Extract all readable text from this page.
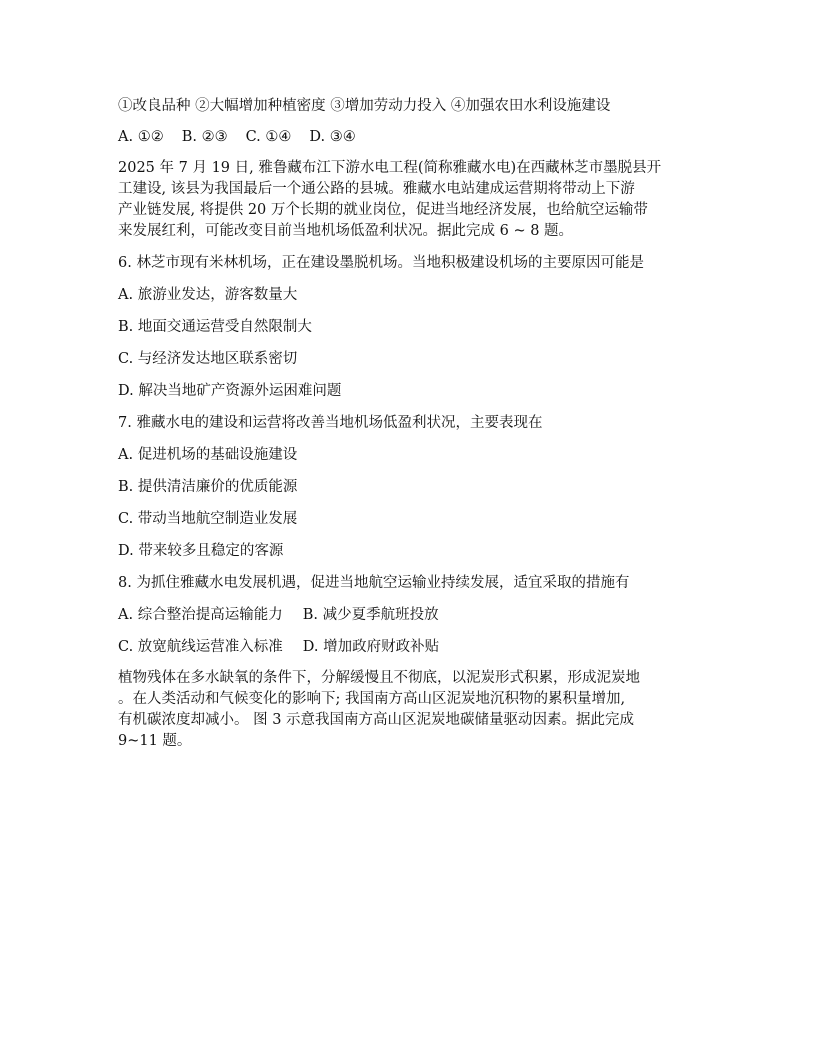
①改良品种 ②大幅增加种植密度 ③增加劳动力投入 ④加强农田水利设施建设
A. ①② B. ②③ C. ①④ D. ③④
2025 年 7 月 19 日, 雅鲁藏布江下游水电工程(简称雅藏水电)在西藏林芝市墨脱县开
工建设, 该县为我国最后一个通公路的县城。雅藏水电站建成运营期将带动上下游
产业链发展, 将提供 20 万个长期的就业岗位，促进当地经济发展，也给航空运输带
来发展红利，可能改变目前当地机场低盈利状况。据此完成 6 ~ 8 题。
6. 林芝市现有米林机场，正在建设墨脱机场。当地积极建设机场的主要原因可能是
A. 旅游业发达，游客数量大
B. 地面交通运营受自然限制大
C. 与经济发达地区联系密切
D. 解决当地矿产资源外运困难问题
7. 雅藏水电的建设和运营将改善当地机场低盈利状况，主要表现在
A. 促进机场的基础设施建设
B. 提供清洁廉价的优质能源
C. 带动当地航空制造业发展
D. 带来较多且稳定的客源
8. 为抓住雅藏水电发展机遇，促进当地航空运输业持续发展，适宜采取的措施有
A. 综合整治提高运输能力 B. 减少夏季航班投放
C. 放宽航线运营准入标准 D. 增加政府财政补贴
植物残体在多水缺氧的条件下，分解缓慢且不彻底，以泥炭形式积累，形成泥炭地
。在人类活动和气候变化的影响下; 我国南方高山区泥炭地沉积物的累积量增加,
有机碳浓度却减小。 图 3 示意我国南方高山区泥炭地碳储量驱动因素。据此完成
9~11 题。
